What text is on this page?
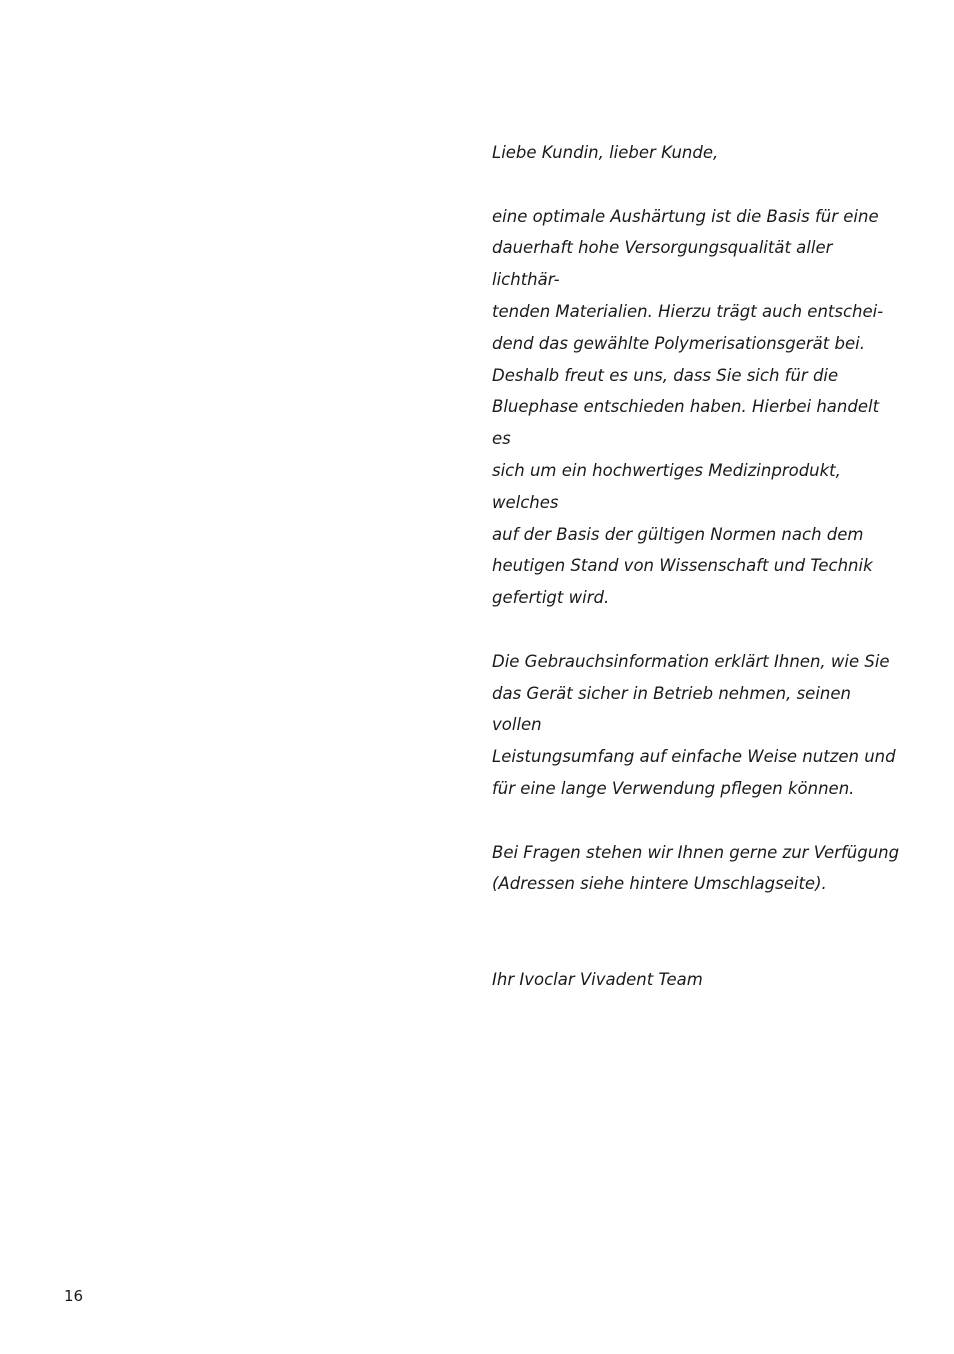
Liebe Kundin, lieber Kunde,

eine optimale Aushärtung ist die Basis für eine
dauerhaft hohe Versorgungsqualität aller lichthär-
tenden Materialien. Hierzu trägt auch entschei-
dend das gewählte Polymerisationsgerät bei.
Deshalb freut es uns, dass Sie sich für die
Bluephase entschieden haben. Hierbei handelt es
sich um ein hochwertiges Medizinprodukt, welches
auf der Basis der gültigen Normen nach dem
heutigen Stand von Wissenschaft und Technik
gefertigt wird.

Die Gebrauchsinformation erklärt Ihnen, wie Sie
das Gerät sicher in Betrieb nehmen, seinen vollen
Leistungsumfang auf einfache Weise nutzen und
für eine lange Verwendung pflegen können.

Bei Fragen stehen wir Ihnen gerne zur Verfügung
(Adressen siehe hintere Umschlagseite).

Ihr Ivoclar Vivadent Team

16
